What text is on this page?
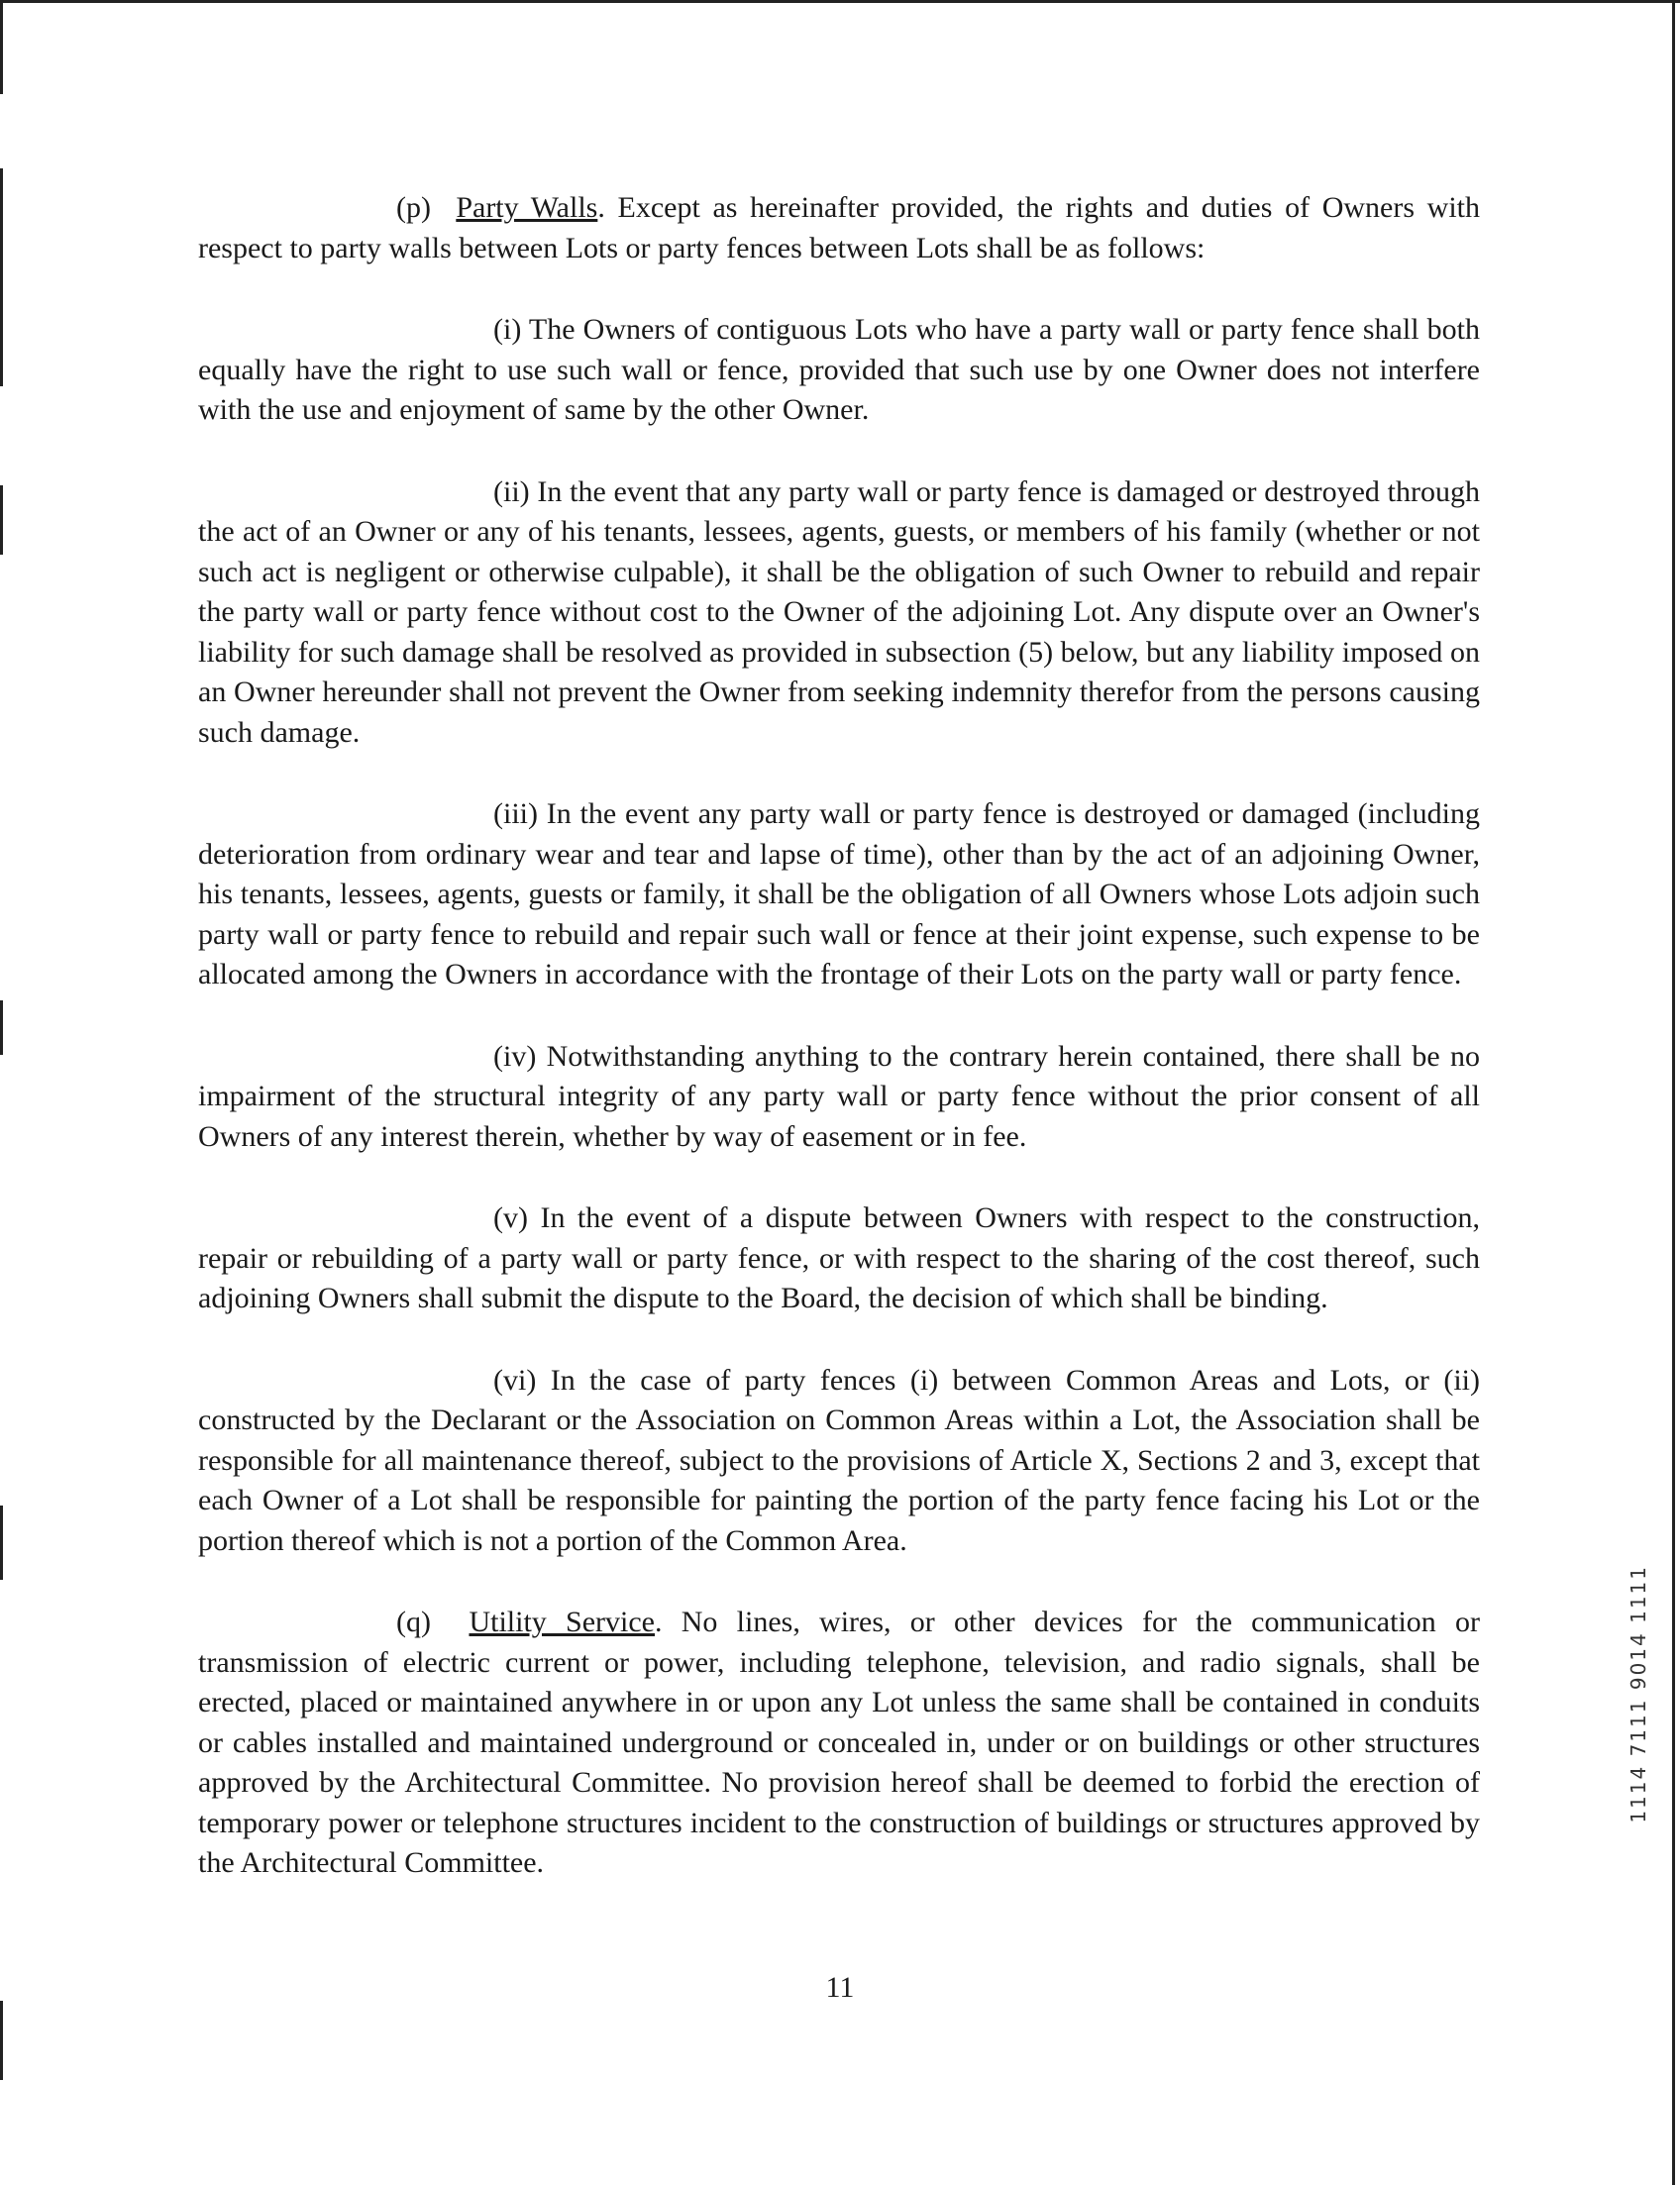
(p) Party Walls. Except as hereinafter provided, the rights and duties of Owners with respect to party walls between Lots or party fences between Lots shall be as follows:

(i) The Owners of contiguous Lots who have a party wall or party fence shall both equally have the right to use such wall or fence, provided that such use by one Owner does not interfere with the use and enjoyment of same by the other Owner.

(ii) In the event that any party wall or party fence is damaged or destroyed through the act of an Owner or any of his tenants, lessees, agents, guests, or members of his family (whether or not such act is negligent or otherwise culpable), it shall be the obligation of such Owner to rebuild and repair the party wall or party fence without cost to the Owner of the adjoining Lot. Any dispute over an Owner's liability for such damage shall be resolved as provided in subsection (5) below, but any liability imposed on an Owner hereunder shall not prevent the Owner from seeking indemnity therefor from the persons causing such damage.

(iii) In the event any party wall or party fence is destroyed or damaged (including deterioration from ordinary wear and tear and lapse of time), other than by the act of an adjoining Owner, his tenants, lessees, agents, guests or family, it shall be the obligation of all Owners whose Lots adjoin such party wall or party fence to rebuild and repair such wall or fence at their joint expense, such expense to be allocated among the Owners in accordance with the frontage of their Lots on the party wall or party fence.

(iv) Notwithstanding anything to the contrary herein contained, there shall be no impairment of the structural integrity of any party wall or party fence without the prior consent of all Owners of any interest therein, whether by way of easement or in fee.

(v) In the event of a dispute between Owners with respect to the construction, repair or rebuilding of a party wall or party fence, or with respect to the sharing of the cost thereof, such adjoining Owners shall submit the dispute to the Board, the decision of which shall be binding.

(vi) In the case of party fences (i) between Common Areas and Lots, or (ii) constructed by the Declarant or the Association on Common Areas within a Lot, the Association shall be responsible for all maintenance thereof, subject to the provisions of Article X, Sections 2 and 3, except that each Owner of a Lot shall be responsible for painting the portion of the party fence facing his Lot or the portion thereof which is not a portion of the Common Area.

(q) Utility Service. No lines, wires, or other devices for the communication or transmission of electric current or power, including telephone, television, and radio signals, shall be erected, placed or maintained anywhere in or upon any Lot unless the same shall be contained in conduits or cables installed and maintained underground or concealed in, under or on buildings or other structures approved by the Architectural Committee. No provision hereof shall be deemed to forbid the erection of temporary power or telephone structures incident to the construction of buildings or structures approved by the Architectural Committee.

11
1114 7111 9014 1111
